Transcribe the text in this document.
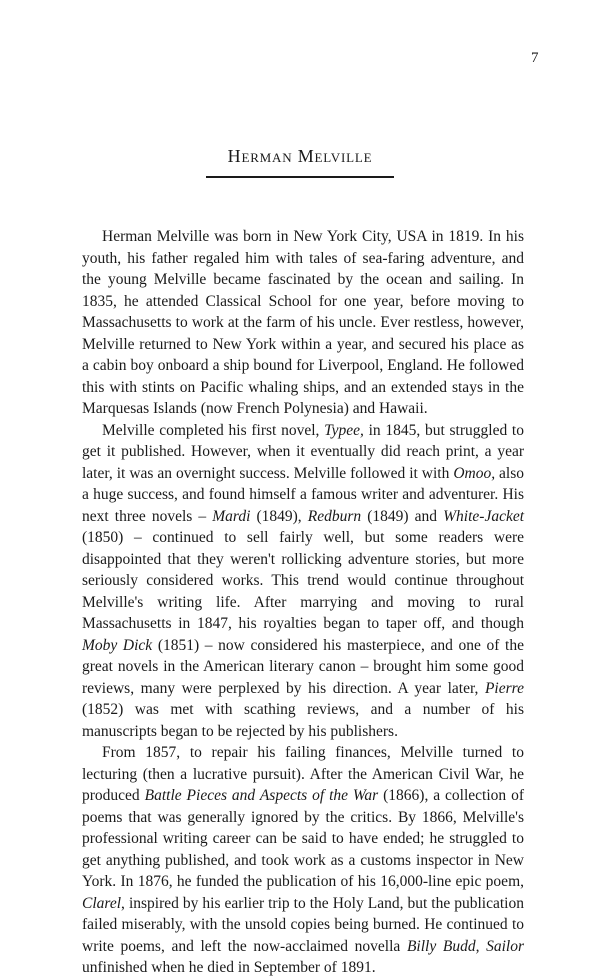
7
Herman Melville

Herman Melville was born in New York City, USA in 1819. In his youth, his father regaled him with tales of sea-faring adventure, and the young Melville became fascinated by the ocean and sailing. In 1835, he attended Classical School for one year, before moving to Massachusetts to work at the farm of his uncle. Ever restless, however, Melville returned to New York within a year, and secured his place as a cabin boy onboard a ship bound for Liverpool, England. He followed this with stints on Pacific whaling ships, and an extended stays in the Marquesas Islands (now French Polynesia) and Hawaii.

Melville completed his first novel, Typee, in 1845, but struggled to get it published. However, when it eventually did reach print, a year later, it was an overnight success. Melville followed it with Omoo, also a huge success, and found himself a famous writer and adventurer. His next three novels – Mardi (1849), Redburn (1849) and White-Jacket (1850) – continued to sell fairly well, but some readers were disappointed that they weren't rollicking adventure stories, but more seriously considered works. This trend would continue throughout Melville's writing life. After marrying and moving to rural Massachusetts in 1847, his royalties began to taper off, and though Moby Dick (1851) – now considered his masterpiece, and one of the great novels in the American literary canon – brought him some good reviews, many were perplexed by his direction. A year later, Pierre (1852) was met with scathing reviews, and a number of his manuscripts began to be rejected by his publishers.

From 1857, to repair his failing finances, Melville turned to lecturing (then a lucrative pursuit). After the American Civil War, he produced Battle Pieces and Aspects of the War (1866), a collection of poems that was generally ignored by the critics. By 1866, Melville's professional writing career can be said to have ended; he struggled to get anything published, and took work as a customs inspector in New York. In 1876, he funded the publication of his 16,000-line epic poem, Clarel, inspired by his earlier trip to the Holy Land, but the publication failed miserably, with the unsold copies being burned. He continued to write poems, and left the now-acclaimed novella Billy Budd, Sailor unfinished when he died in September of 1891.
